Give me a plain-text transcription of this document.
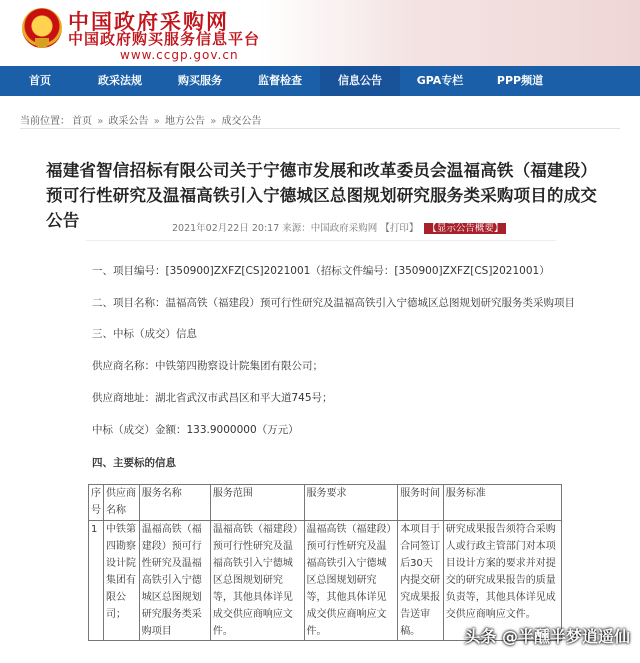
中国政府采购网
中国政府购买服务信息平台
www.ccgp.gov.cn
首页	政采法规	购买服务	监督检查	信息公告	GPA专栏	PPP频道
当前位置： 首页 » 政采公告 » 地方公告 » 成交公告
福建省智信招标有限公司关于宁德市发展和改革委员会温福高铁（福建段）预可行性研究及温福高铁引入宁德城区总图规划研究服务类采购项目的成交公告	2021年02月22日 20:17 来源：中国政府采购网 【打印】 【显示公告概要】
一、项目编号：[350900]ZXFZ[CS]2021001（招标文件编号：[350900]ZXFZ[CS]2021001）
二、项目名称：温福高铁（福建段）预可行性研究及温福高铁引入宁德城区总图规划研究服务类采购项目
三、中标（成交）信息
供应商名称：中铁第四勘察设计院集团有限公司；
供应商地址：湖北省武汉市武昌区和平大道745号；
中标（成交）金额：133.9000000（万元）
四、主要标的信息
序号	供应商名称	服务名称	服务范围	服务要求	服务时间	服务标准
1	中铁第四勘察设计院集团有限公司；	温福高铁（福建段）预可行性研究及温福高铁引入宁德城区总图规划研究服务类采购项目	温福高铁（福建段）预可行性研究及温福高铁引入宁德城区总图规划研究等，其他具体详见成交供应商响应文件。	温福高铁（福建段）预可行性研究及温福高铁引入宁德城区总图规划研究等，其他具体详见成交供应商响应文件。	本项目于合同签订后30天内提交研究成果报告送审稿。	研究成果报告须符合采购人或行政主管部门对本项目设计方案的要求并对提交的研究成果报告的质量负责等，其他具体详见成交供应商响应文件。
头条 @半醺半梦逍遥仙
